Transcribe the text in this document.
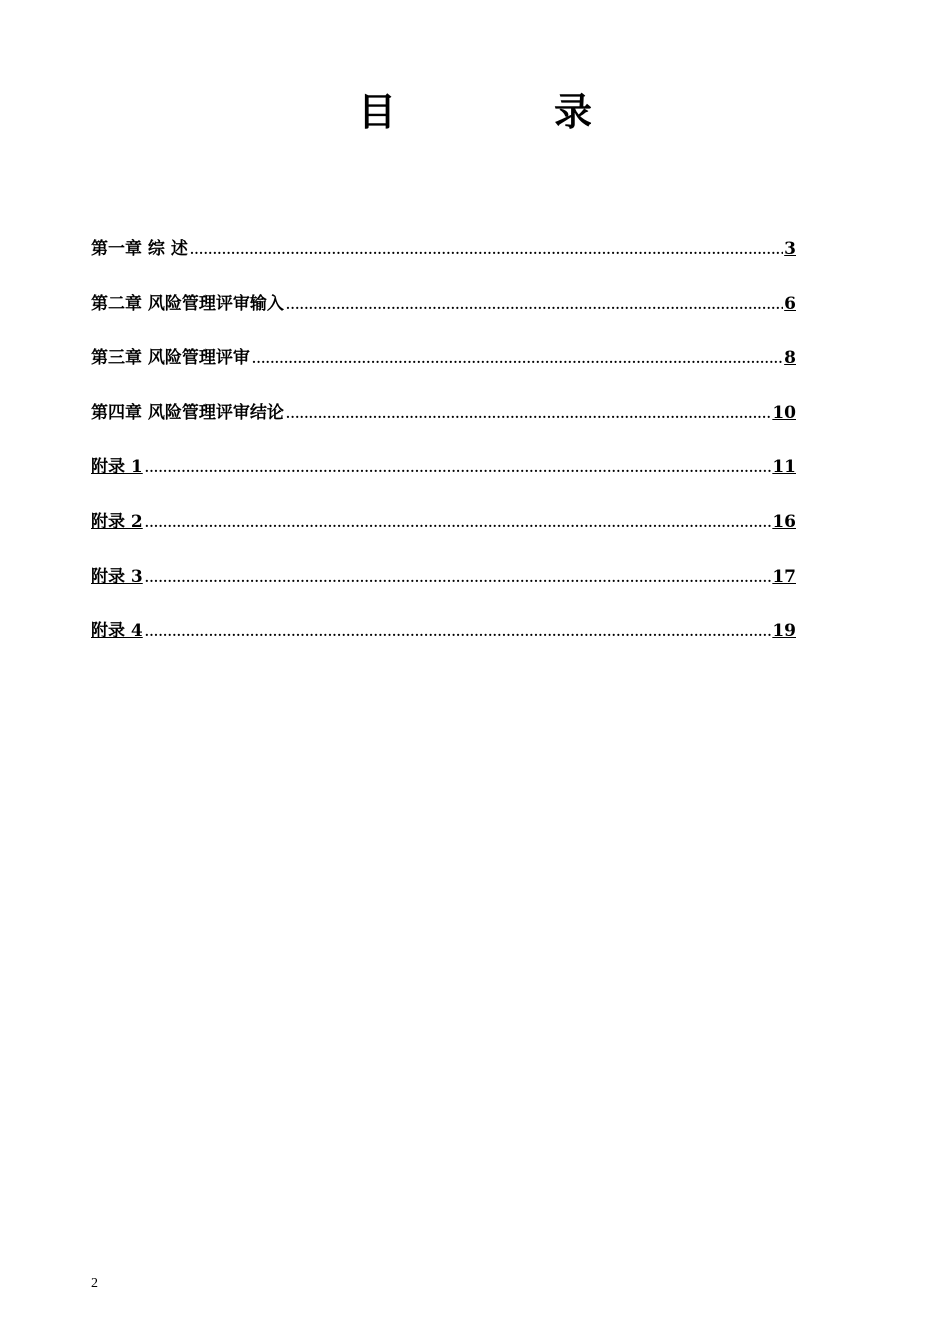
目　录
第一章 综 述 .....	3
第二章 风险管理评审输入 .....	6
第三章 风险管理评审 .....	8
第四章 风险管理评审结论 .....	10
附录 1 .....	11
附录 2 .....	16
附录 3 .....	17
附录 4 .....	19
2
